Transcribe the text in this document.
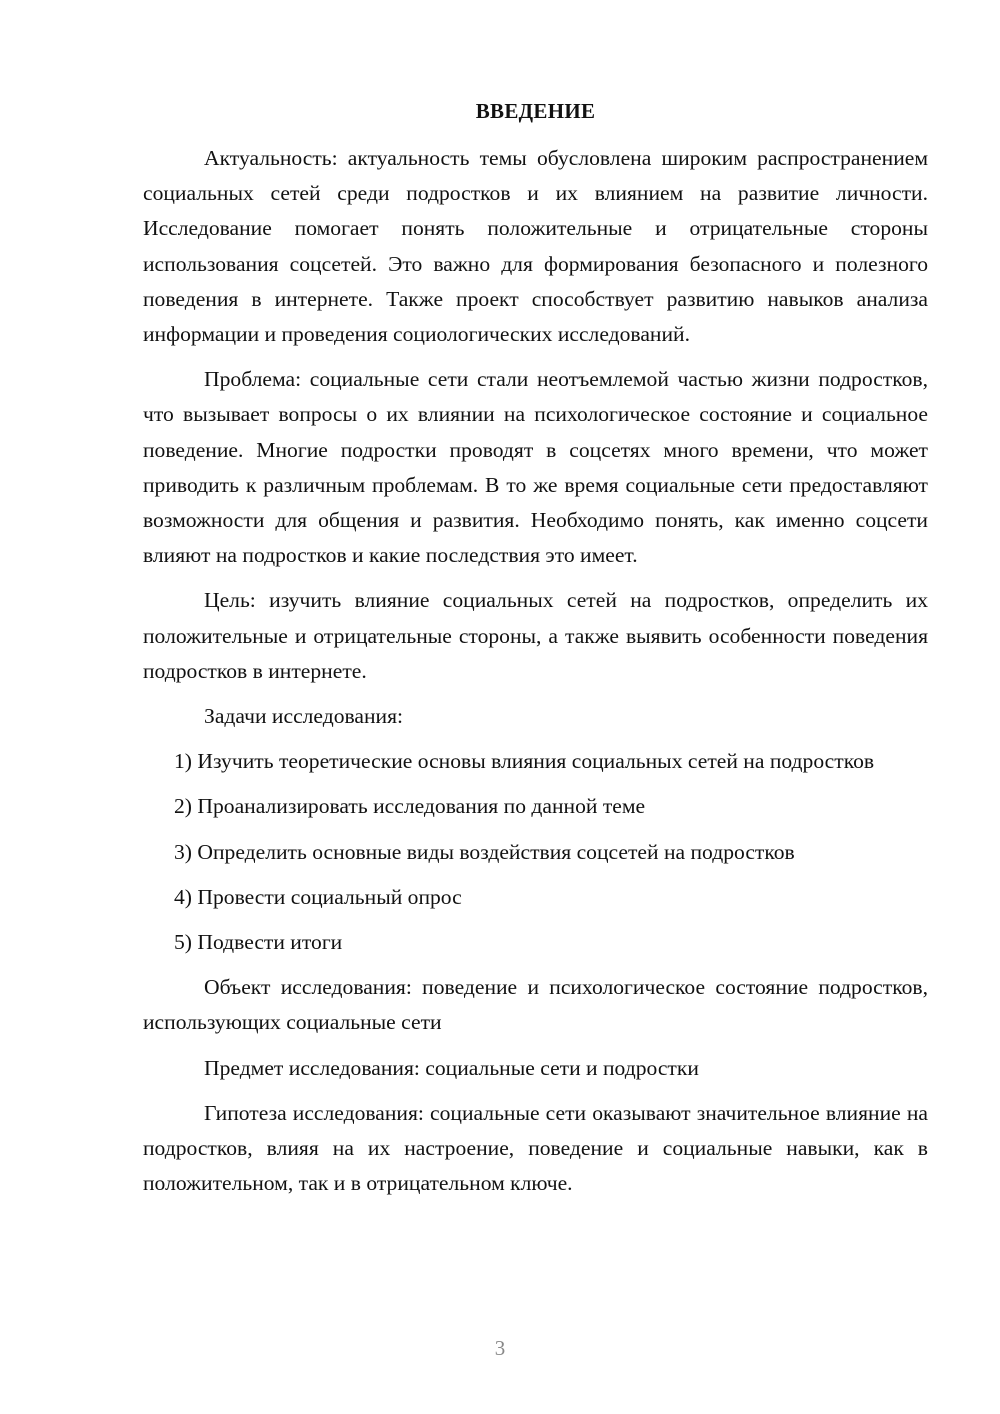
ВВЕДЕНИЕ

Актуальность: актуальность темы обусловлена широким распространением социальных сетей среди подростков и их влиянием на развитие личности. Исследование помогает понять положительные и отрицательные стороны использования соцсетей. Это важно для формирования безопасного и полезного поведения в интернете. Также проект способствует развитию навыков анализа информации и проведения социологических исследований.

Проблема: социальные сети стали неотъемлемой частью жизни подростков, что вызывает вопросы о их влиянии на психологическое состояние и социальное поведение. Многие подростки проводят в соцсетях много времени, что может приводить к различным проблемам. В то же время социальные сети предоставляют возможности для общения и развития. Необходимо понять, как именно соцсети влияют на подростков и какие последствия это имеет.

Цель: изучить влияние социальных сетей на подростков, определить их положительные и отрицательные стороны, а также выявить особенности поведения подростков в интернете.

Задачи исследования:

1) Изучить теоретические основы влияния социальных сетей на подростков

2) Проанализировать исследования по данной теме

3) Определить основные виды воздействия соцсетей на подростков

4) Провести социальный опрос

5) Подвести итоги

Объект исследования: поведение и психологическое состояние подростков, использующих социальные сети

Предмет исследования: социальные сети и подростки

Гипотеза исследования: социальные сети оказывают значительное влияние на подростков, влияя на их настроение, поведение и социальные навыки, как в положительном, так и в отрицательном ключе.

3
